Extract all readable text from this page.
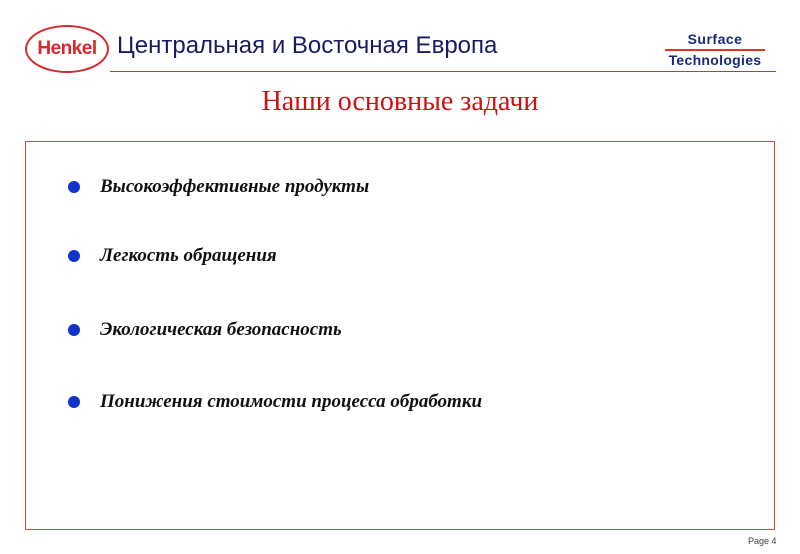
Henkel Центральная и Восточная Европа	Surface
Technologies
Наши основные задачи
Высокоэффективные продукты
Легкость обращения
Экологическая безопасность
Понижения стоимости процесса обработки
Page 4
